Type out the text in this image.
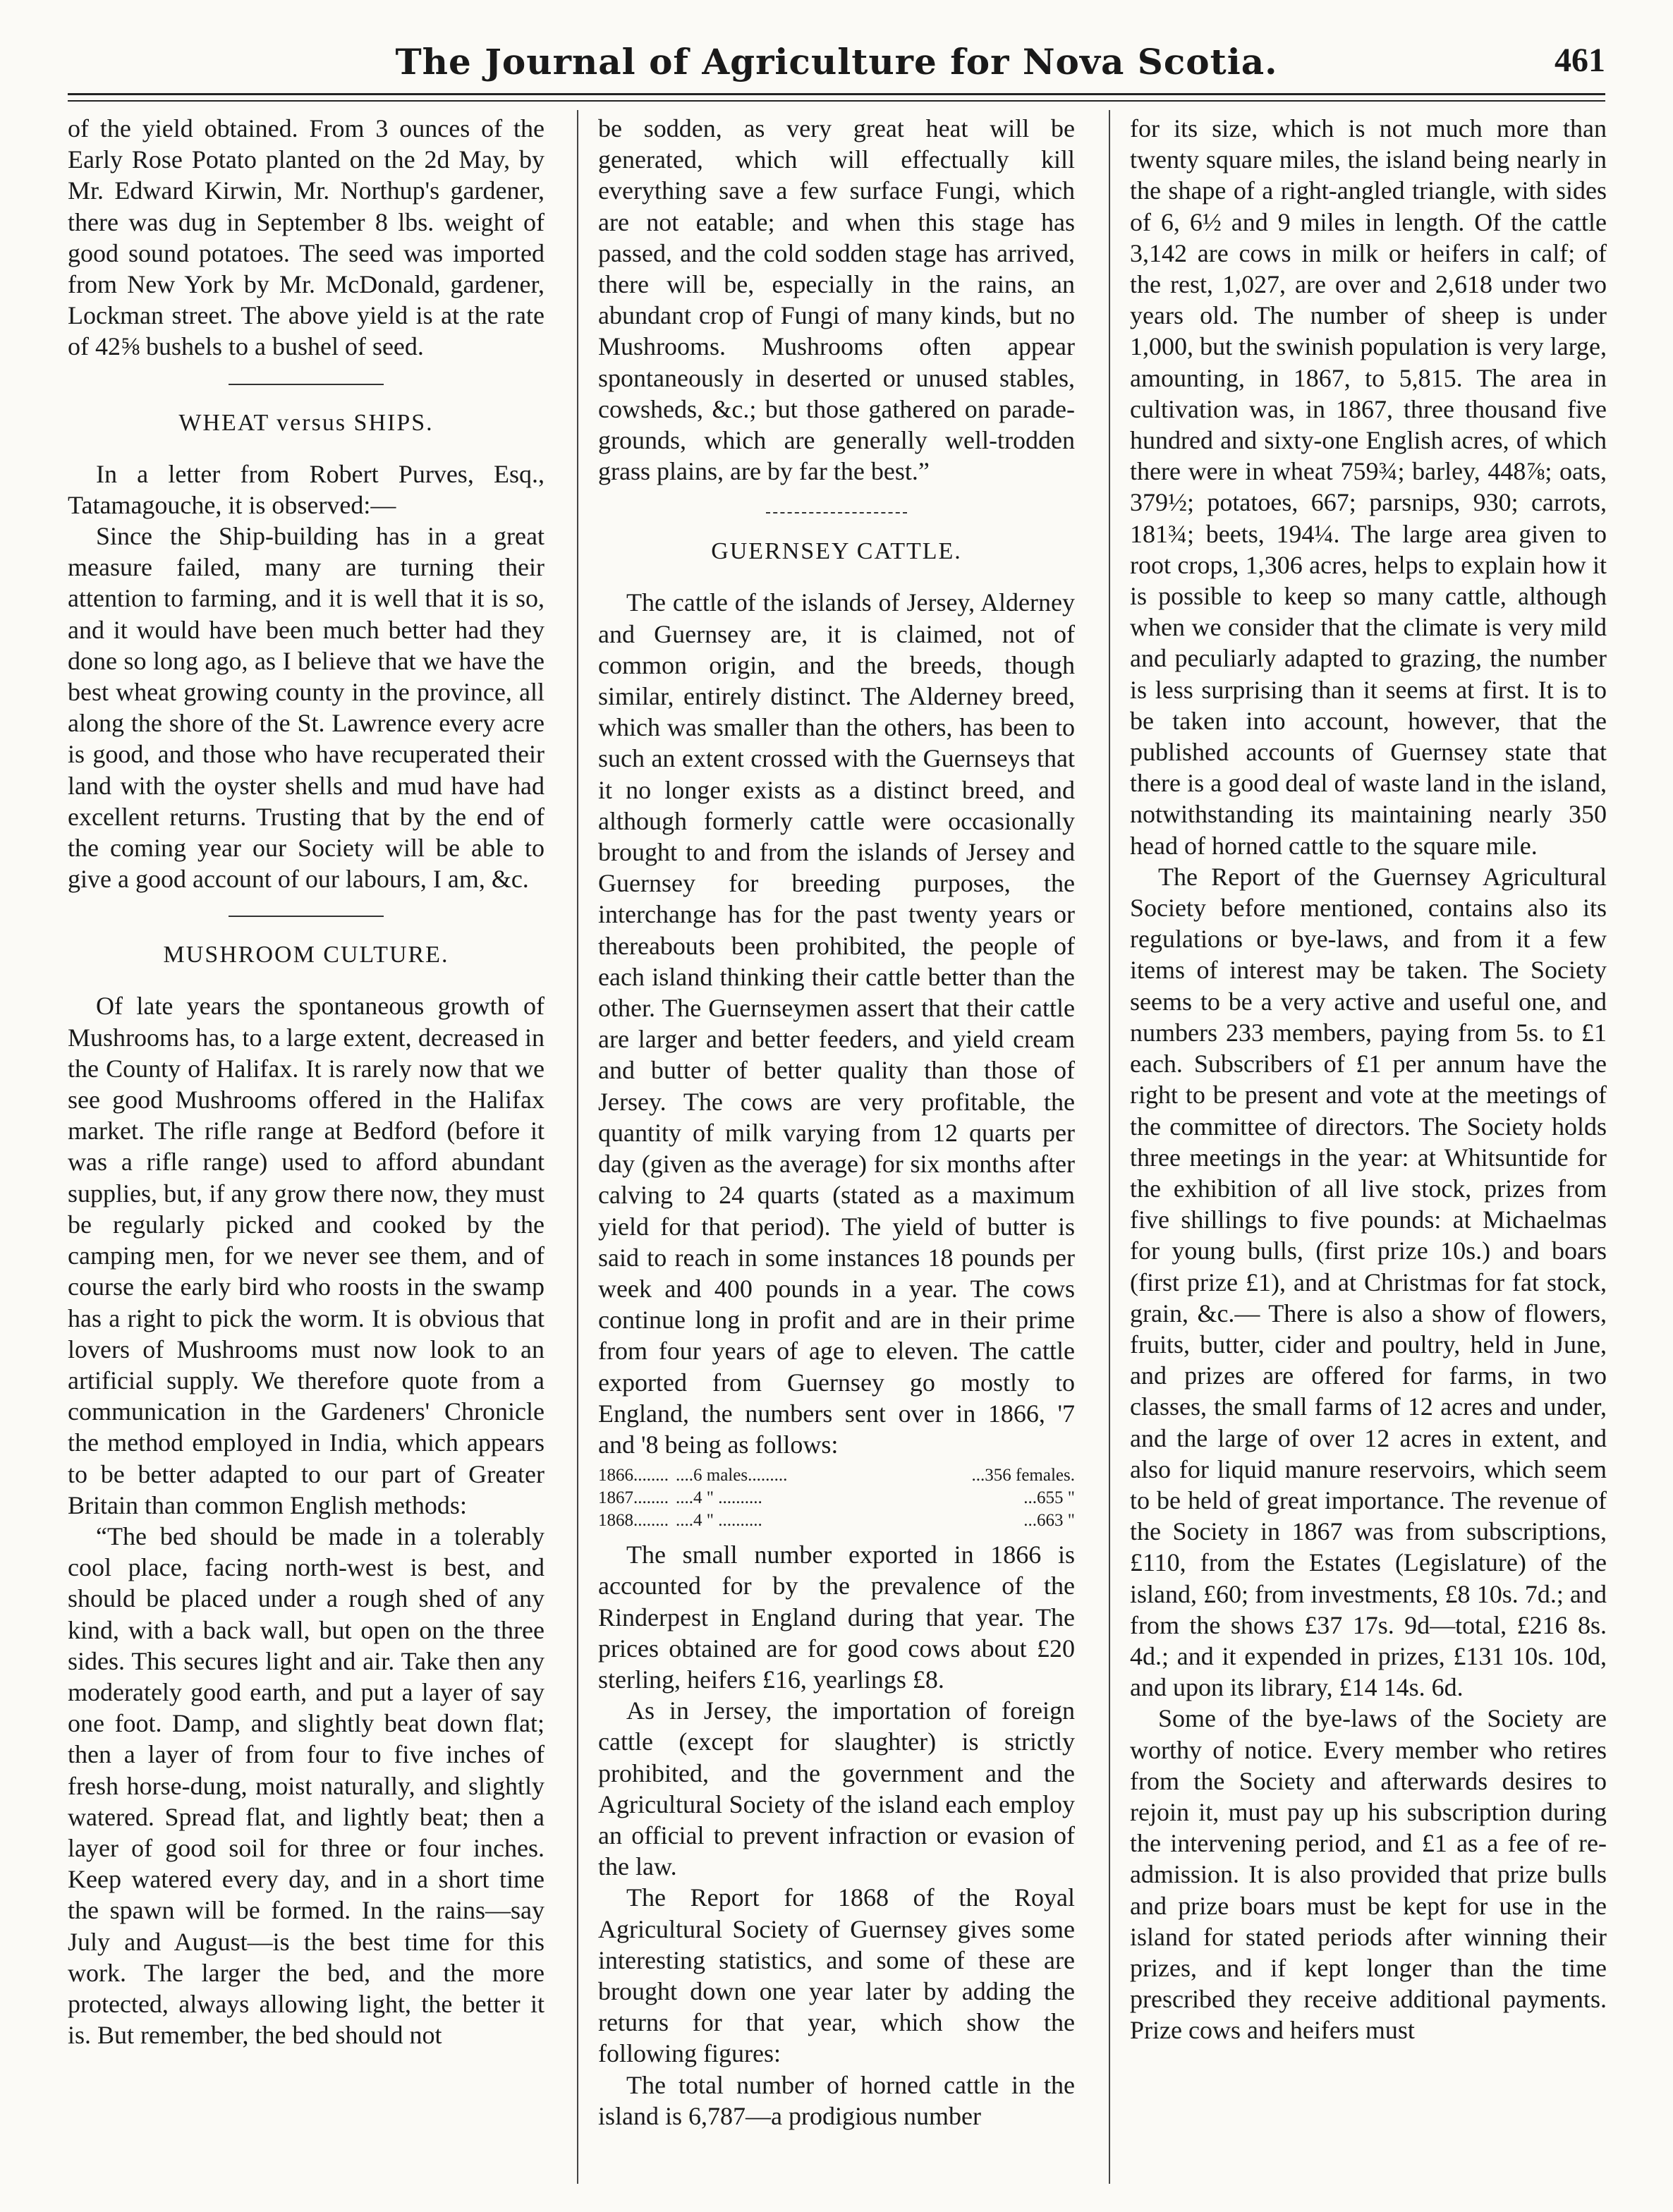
The Journal of Agriculture for Nova Scotia.	461

of the yield obtained. From 3 ounces of the Early Rose Potato planted on the 2d May, by Mr. Edward Kirwin, Mr. Northup's gardener, there was dug in September 8 lbs. weight of good sound potatoes. The seed was imported from New York by Mr. McDonald, gardener, Lockman street. The above yield is at the rate of 42⅝ bushels to a bushel of seed.

WHEAT versus SHIPS.

In a letter from Robert Purves, Esq., Tatamagouche, it is observed:—

Since the Ship-building has in a great measure failed, many are turning their attention to farming, and it is well that it is so, and it would have been much better had they done so long ago, as I believe that we have the best wheat growing county in the province, all along the shore of the St. Lawrence every acre is good, and those who have recuperated their land with the oyster shells and mud have had excellent returns. Trusting that by the end of the coming year our Society will be able to give a good account of our labours, I am, &c.

MUSHROOM CULTURE.

Of late years the spontaneous growth of Mushrooms has, to a large extent, decreased in the County of Halifax. It is rarely now that we see good Mushrooms offered in the Halifax market. The rifle range at Bedford (before it was a rifle range) used to afford abundant supplies, but, if any grow there now, they must be regularly picked and cooked by the camping men, for we never see them, and of course the early bird who roosts in the swamp has a right to pick the worm. It is obvious that lovers of Mushrooms must now look to an artificial supply. We therefore quote from a communication in the Gardeners' Chronicle the method employed in India, which appears to be better adapted to our part of Greater Britain than common English methods:

“The bed should be made in a tolerably cool place, facing north-west is best, and should be placed under a rough shed of any kind, with a back wall, but open on the three sides. This secures light and air. Take then any moderately good earth, and put a layer of say one foot. Damp, and slightly beat down flat; then a layer of from four to five inches of fresh horse-dung, moist naturally, and slightly watered. Spread flat, and lightly beat; then a layer of good soil for three or four inches. Keep watered every day, and in a short time the spawn will be formed. In the rains—say July and August—is the best time for this work. The larger the bed, and the more protected, always allowing light, the better it is. But remember, the bed should not

be sodden, as very great heat will be generated, which will effectually kill everything save a few surface Fungi, which are not eatable; and when this stage has passed, and the cold sodden stage has arrived, there will be, especially in the rains, an abundant crop of Fungi of many kinds, but no Mushrooms. Mushrooms often appear spontaneously in deserted or unused stables, cowsheds, &c.; but those gathered on parade-grounds, which are generally well-trodden grass plains, are by far the best.”

GUERNSEY CATTLE.

The cattle of the islands of Jersey, Alderney and Guernsey are, it is claimed, not of common origin, and the breeds, though similar, entirely distinct. The Alderney breed, which was smaller than the others, has been to such an extent crossed with the Guernseys that it no longer exists as a distinct breed, and although formerly cattle were occasionally brought to and from the islands of Jersey and Guernsey for breeding purposes, the interchange has for the past twenty years or thereabouts been prohibited, the people of each island thinking their cattle better than the other. The Guernseymen assert that their cattle are larger and better feeders, and yield cream and butter of better quality than those of Jersey. The cows are very profitable, the quantity of milk varying from 12 quarts per day (given as the average) for six months after calving to 24 quarts (stated as a maximum yield for that period). The yield of butter is said to reach in some instances 18 pounds per week and 400 pounds in a year. The cows continue long in profit and are in their prime from four years of age to eleven. The cattle exported from Guernsey go mostly to England, the numbers sent over in 1866, '7 and '8 being as follows:

1866........	....6 males.........	...356 females.
1867........	....4 " ..........	...655 "
1868........	....4 " ..........	...663 "

The small number exported in 1866 is accounted for by the prevalence of the Rinderpest in England during that year. The prices obtained are for good cows about £20 sterling, heifers £16, yearlings £8.

As in Jersey, the importation of foreign cattle (except for slaughter) is strictly prohibited, and the government and the Agricultural Society of the island each employ an official to prevent infraction or evasion of the law.

The Report for 1868 of the Royal Agricultural Society of Guernsey gives some interesting statistics, and some of these are brought down one year later by adding the returns for that year, which show the following figures:

The total number of horned cattle in the island is 6,787—a prodigious number

for its size, which is not much more than twenty square miles, the island being nearly in the shape of a right-angled triangle, with sides of 6, 6½ and 9 miles in length. Of the cattle 3,142 are cows in milk or heifers in calf; of the rest, 1,027, are over and 2,618 under two years old. The number of sheep is under 1,000, but the swinish population is very large, amounting, in 1867, to 5,815. The area in cultivation was, in 1867, three thousand five hundred and sixty-one English acres, of which there were in wheat 759¾; barley, 448⅞; oats, 379½; potatoes, 667; parsnips, 930; carrots, 181¾; beets, 194¼. The large area given to root crops, 1,306 acres, helps to explain how it is possible to keep so many cattle, although when we consider that the climate is very mild and peculiarly adapted to grazing, the number is less surprising than it seems at first. It is to be taken into account, however, that the published accounts of Guernsey state that there is a good deal of waste land in the island, notwithstanding its maintaining nearly 350 head of horned cattle to the square mile.

The Report of the Guernsey Agricultural Society before mentioned, contains also its regulations or bye-laws, and from it a few items of interest may be taken. The Society seems to be a very active and useful one, and numbers 233 members, paying from 5s. to £1 each. Subscribers of £1 per annum have the right to be present and vote at the meetings of the committee of directors. The Society holds three meetings in the year: at Whitsuntide for the exhibition of all live stock, prizes from five shillings to five pounds: at Michaelmas for young bulls, (first prize 10s.) and boars (first prize £1), and at Christmas for fat stock, grain, &c.— There is also a show of flowers, fruits, butter, cider and poultry, held in June, and prizes are offered for farms, in two classes, the small farms of 12 acres and under, and the large of over 12 acres in extent, and also for liquid manure reservoirs, which seem to be held of great importance. The revenue of the Society in 1867 was from subscriptions, £110, from the Estates (Legislature) of the island, £60; from investments, £8 10s. 7d.; and from the shows £37 17s. 9d—total, £216 8s. 4d.; and it expended in prizes, £131 10s. 10d, and upon its library, £14 14s. 6d.

Some of the bye-laws of the Society are worthy of notice. Every member who retires from the Society and afterwards desires to rejoin it, must pay up his subscription during the intervening period, and £1 as a fee of re-admission. It is also provided that prize bulls and prize boars must be kept for use in the island for stated periods after winning their prizes, and if kept longer than the time prescribed they receive additional payments. Prize cows and heifers must
